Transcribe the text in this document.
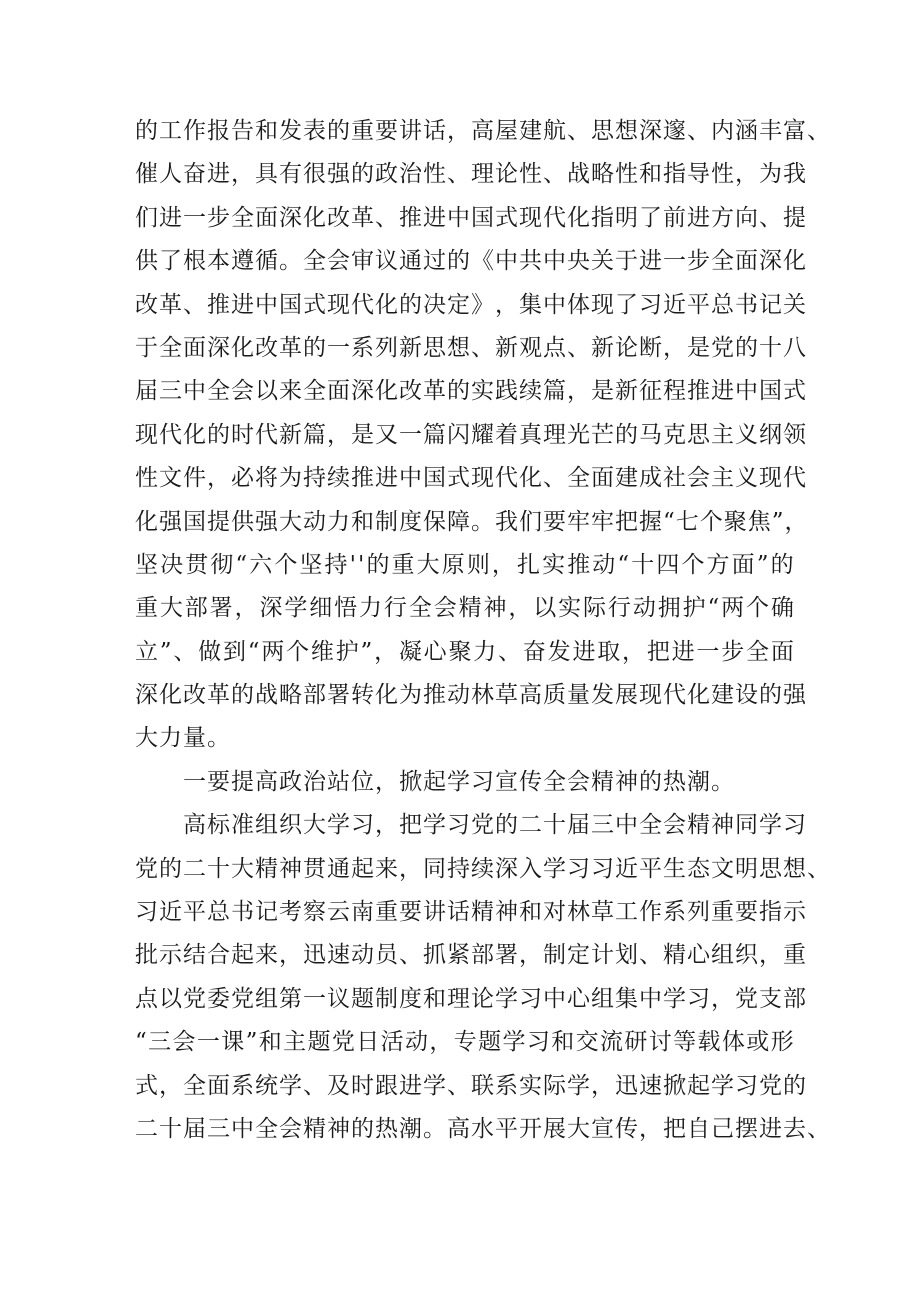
的 工 作 报 告 和 发 表 的 重 要 讲 话 ， 高 屋 建 航 、 思 想 深 邃 、 内 涵 丰 富 、
催 人 奋 进 ， 具 有 很 强 的 政 治 性 、 理 论 性 、 战 略 性 和 指 导 性 ， 为 我
们 进 一 步 全 面 深 化 改 革 、 推 进 中 国 式 现 代 化 指 明 了 前 进 方 向 、 提
供 了 根 本 遵 循 。 全 会 审 议 通 过 的 《 中 共 中 央 关 于 进 一 步 全 面 深 化
改 革 、 推 进 中 国 式 现 代 化 的 决 定 》 ， 集 中 体 现 了 习 近 平 总 书 记 关
于 全 面 深 化 改 革 的 一 系 列 新 思 想 、 新 观 点 、 新 论 断 ， 是 党 的 十 八
届 三 中 全 会 以 来 全 面 深 化 改 革 的 实 践 续 篇 ， 是 新 征 程 推 进 中 国 式
现 代 化 的 时 代 新 篇 ， 是 又 一 篇 闪 耀 着 真 理 光 芒 的 马 克 思 主 义 纲 领
性 文 件 ， 必 将 为 持 续 推 进 中 国 式 现 代 化 、 全 面 建 成 社 会 主 义 现 代
化 强 国 提 供 强 大 动 力 和 制 度 保 障 。 我 们 要 牢 牢 把 握 “ 七 个 聚 焦 ” ，
坚 决 贯 彻 “ 六 个 坚 持 ' ' 的 重 大 原 则 ， 扎 实 推 动 “ 十 四 个 方 面 ” 的
重 大 部 署 ， 深 学 细 悟 力 行 全 会 精 神 ， 以 实 际 行 动 拥 护 “ 两 个 确
立 ” 、 做 到 “ 两 个 维 护 ” ， 凝 心 聚 力 、 奋 发 进 取 ， 把 进 一 步 全 面
深 化 改 革 的 战 略 部 署 转 化 为 推 动 林 草 高 质 量 发 展 现 代 化 建 设 的 强
大力量。
一要提高政治站位，掀起学习宣传全会精神的热潮。
高标准组织大学习，把学习党的二十届三中全会精神同学习
党 的 二 十 大 精 神 贯 通 起 来 ， 同 持 续 深 入 学 习 习 近 平 生 态 文 明 思 想 、
习 近 平 总 书 记 考 察 云 南 重 要 讲 话 精 神 和 对 林 草 工 作 系 列 重 要 指 示
批 示 结 合 起 来 ， 迅 速 动 员 、 抓 紧 部 署 ， 制 定 计 划 、 精 心 组 织 ， 重
点 以 党 委 党 组 第 一 议 题 制 度 和 理 论 学 习 中 心 组 集 中 学 习 ， 党 支 部
“ 三 会 一 课 ” 和 主 题 党 日 活 动 ， 专 题 学 习 和 交 流 研 讨 等 载 体 或 形
式 ， 全 面 系 统 学 、 及 时 跟 进 学 、 联 系 实 际 学 ， 迅 速 掀 起 学 习 党 的
二 十 届 三 中 全 会 精 神 的 热 潮 。 高 水 平 开 展 大 宣 传 ， 把 自 己 摆 进 去 、
